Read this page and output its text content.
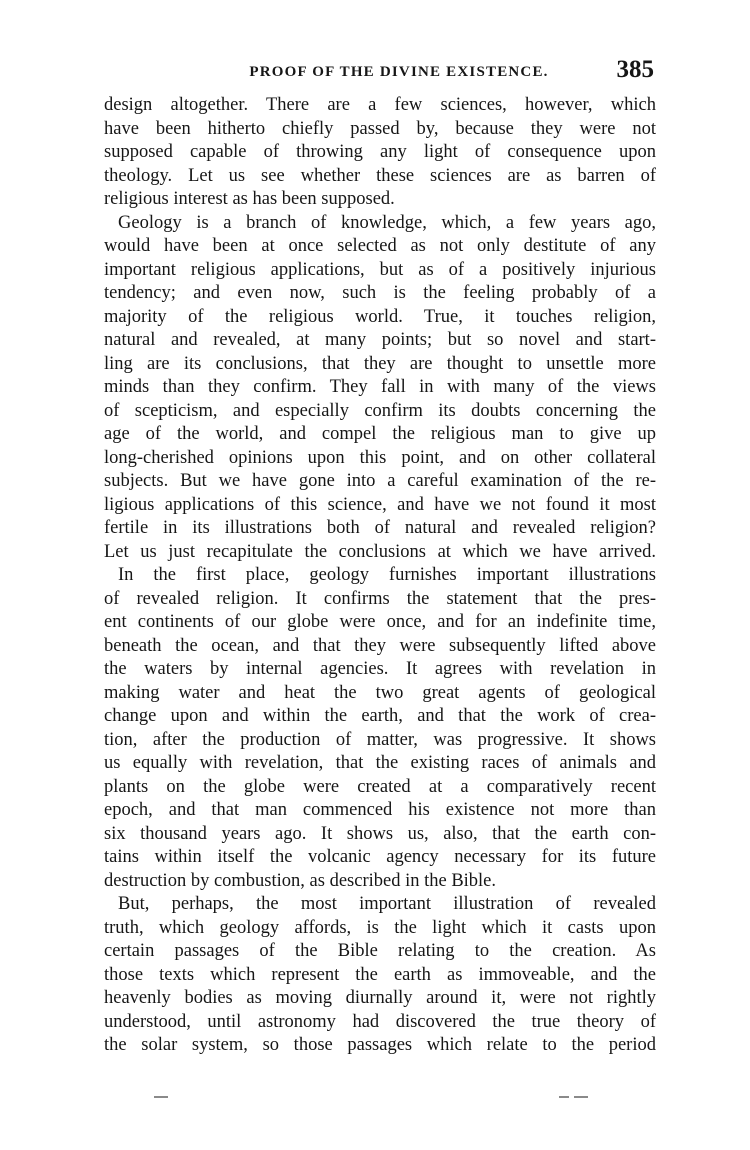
PROOF OF THE DIVINE EXISTENCE.	385
design altogether. There are a few sciences, however, which
have been hitherto chiefly passed by, because they were not
supposed capable of throwing any light of consequence upon
theology. Let us see whether these sciences are as barren of
religious interest as has been supposed.
Geology is a branch of knowledge, which, a few years ago,
would have been at once selected as not only destitute of any
important religious applications, but as of a positively injurious
tendency; and even now, such is the feeling probably of a
majority of the religious world. True, it touches religion,
natural and revealed, at many points; but so novel and start-
ling are its conclusions, that they are thought to unsettle more
minds than they confirm. They fall in with many of the views
of scepticism, and especially confirm its doubts concerning the
age of the world, and compel the religious man to give up
long-cherished opinions upon this point, and on other collateral
subjects. But we have gone into a careful examination of the re-
ligious applications of this science, and have we not found it most
fertile in its illustrations both of natural and revealed religion?
Let us just recapitulate the conclusions at which we have arrived.
In the first place, geology furnishes important illustrations
of revealed religion. It confirms the statement that the pres-
ent continents of our globe were once, and for an indefinite time,
beneath the ocean, and that they were subsequently lifted above
the waters by internal agencies. It agrees with revelation in
making water and heat the two great agents of geological
change upon and within the earth, and that the work of crea-
tion, after the production of matter, was progressive. It shows
us equally with revelation, that the existing races of animals and
plants on the globe were created at a comparatively recent
epoch, and that man commenced his existence not more than
six thousand years ago. It shows us, also, that the earth con-
tains within itself the volcanic agency necessary for its future
destruction by combustion, as described in the Bible.
But, perhaps, the most important illustration of revealed
truth, which geology affords, is the light which it casts upon
certain passages of the Bible relating to the creation. As
those texts which represent the earth as immoveable, and the
heavenly bodies as moving diurnally around it, were not rightly
understood, until astronomy had discovered the true theory of
the solar system, so those passages which relate to the period
